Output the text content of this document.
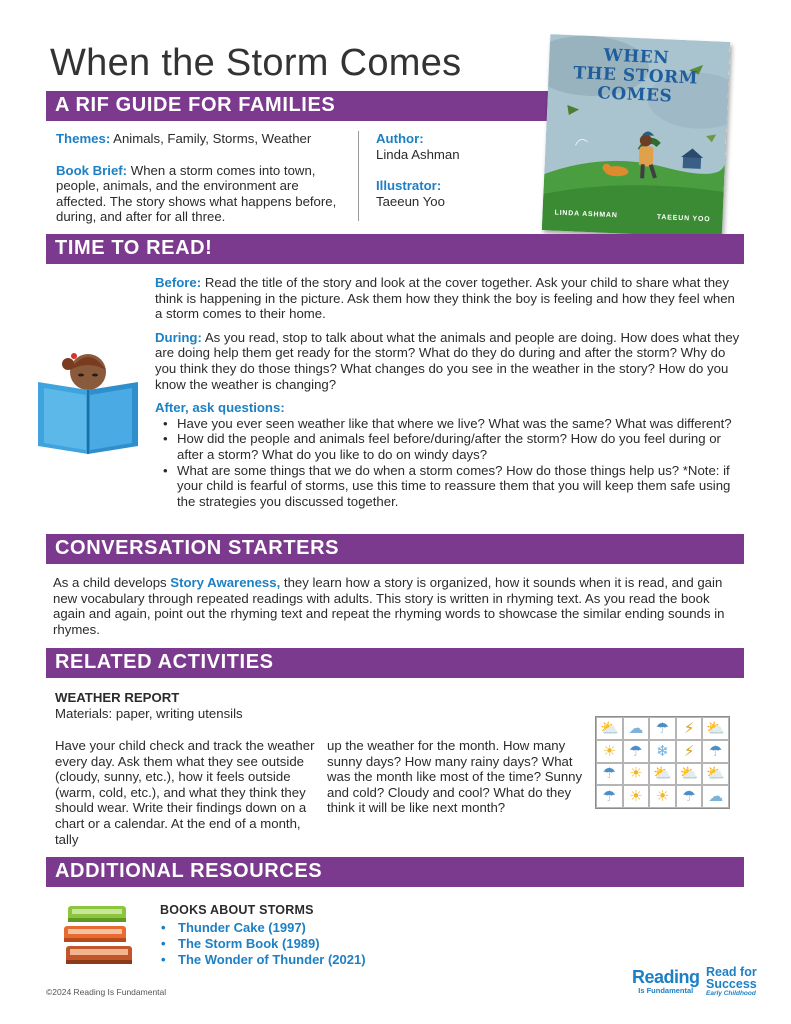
When the Storm Comes
A RIF GUIDE FOR FAMILIES

Themes: Animals, Family, Storms, Weather

Book Brief: When a storm comes into town, people, animals, and the environment are affected. The story shows what happens before, during, and after for all three.

Author:
Linda Ashman
Illustrator:
Taeeun Yoo
WHEN
THE STORM
COMES
LINDA ASHMAN	TAEEUN YOO
TIME TO READ!

Before: Read the title of the story and look at the cover together. Ask your child to share what they think is happening in the picture. Ask them how they think the boy is feeling and how they feel when a storm comes to their home.

During: As you read, stop to talk about what the animals and people are doing. How does what they are doing help them get ready for the storm? What do they do during and after the storm? Why do you think they do those things? What changes do you see in the weather in the story? How do you know the weather is changing?

After, ask questions:
• Have you ever seen weather like that where we live? What was the same? What was different?
• How did the people and animals feel before/during/after the storm? How do you feel during or after a storm? What do you like to do on windy days?
• What are some things that we do when a storm comes? How do those things help us? *Note: if your child is fearful of storms, use this time to reassure them that you will keep them safe using the strategies you discussed together.
CONVERSATION STARTERS

As a child develops Story Awareness, they learn how a story is organized, how it sounds when it is read, and gain new vocabulary through repeated readings with adults. This story is written in rhyming text. As you read the book again and again, point out the rhyming text and repeat the rhyming words to showcase the similar ending sounds in rhymes.

RELATED ACTIVITIES
WEATHER REPORT
Materials: paper, writing utensils

Have your child check and track the weather every day. Ask them what they see outside (cloudy, sunny, etc.), how it feels outside (warm, cold, etc.), and what they think they should wear. Write their findings down on a chart or a calendar. At the end of a month, tally

up the weather for the month. How many sunny days? How many rainy days? What was the month like most of the time? Sunny and cold? Cloudy and cool? What do they think it will be like next month?

⛅ ☁ ☂ ⚡ ⛅
☀ ☂ ❄	⚡ ☂
☂ ☀ ⛅ ⛅ ⛅
☂ ☀ ☀ ☂ ☁
ADDITIONAL RESOURCES
BOOKS ABOUT STORMS
• Thunder Cake (1997)
• The Storm Book (1989)
• The Wonder of Thunder (2021)
©2024 Reading Is Fundamental
Reading
Is Fundamental
Read for Success
Early Childhood
